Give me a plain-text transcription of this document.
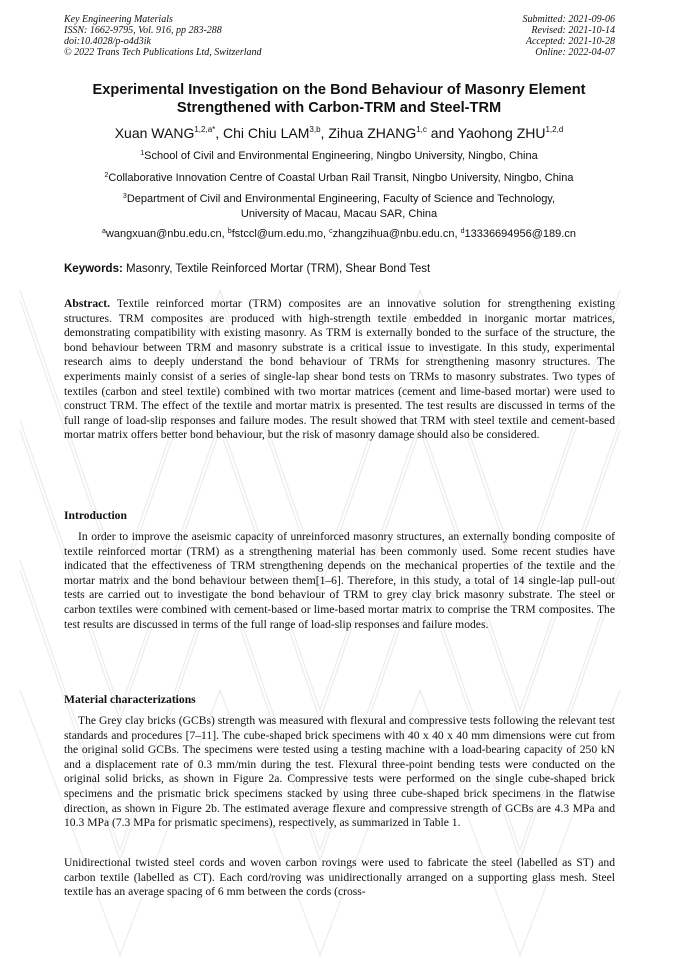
Key Engineering Materials
ISSN: 1662-9795, Vol. 916, pp 283-288
doi:10.4028/p-o4d3ik
© 2022 Trans Tech Publications Ltd, Switzerland
Submitted: 2021-09-06
Revised: 2021-10-14
Accepted: 2021-10-28
Online: 2022-04-07
Experimental Investigation on the Bond Behaviour of Masonry Element
Strengthened with Carbon-TRM and Steel-TRM
Xuan $WANG^{1,2,a*}$, Chi Chiu LAM$^{3,b}$, Zihua ZHANG$^{1,c}$ and Yaohong ZHU$^{1,2,d}$
$^1$School of Civil and Environmental Engineering, Ningbo University, Ningbo, China
$^2$Collaborative Innovation Centre of Coastal Urban Rail Transit, Ningbo University, Ningbo, China
$^3$Department of Civil and Environmental Engineering, Faculty of Science and Technology,
University of Macau, Macau SAR, China
$^a$wangxuan@nbu.edu.cn, $^b$fstccl@um.edu.mo, $^c$zhangzihua@nbu.edu.cn, $^d$13336694956@189.cn
Keywords: Masonry, Textile Reinforced Mortar (TRM), Shear Bond Test

Abstract. Textile reinforced mortar (TRM) composites are an innovative solution for strengthening existing structures. TRM composites are produced with high-strength textile embedded in inorganic mortar matrices, demonstrating compatibility with existing masonry. As TRM is externally bonded to the surface of the structure, the bond behaviour between TRM and masonry substrate is a critical issue to investigate. In this study, experimental research aims to deeply understand the bond behaviour of TRMs for strengthening masonry structures. The experiments mainly consist of a series of single-lap shear bond tests on TRMs to masonry substrates. Two types of textiles (carbon and steel textile) combined with two mortar matrices (cement and lime-based mortar) were used to construct TRM. The effect of the textile and mortar matrix is presented. The test results are discussed in terms of the full range of load-slip responses and failure modes. The result showed that TRM with steel textile and cement-based mortar matrix offers better bond behaviour, but the risk of masonry damage should also be considered.

Introduction

In order to improve the aseismic capacity of unreinforced masonry structures, an externally bonding composite of textile reinforced mortar (TRM) as a strengthening material has been commonly used. Some recent studies have indicated that the effectiveness of TRM strengthening depends on the mechanical properties of the textile and the mortar matrix and the bond behaviour between them[1–6]. Therefore, in this study, a total of 14 single-lap pull-out tests are carried out to investigate the bond behaviour of TRM to grey clay brick masonry substrate. The steel or carbon textiles were combined with cement-based or lime-based mortar matrix to comprise the TRM composites. The test results are discussed in terms of the full range of load-slip responses and failure modes.

Material characterizations

The Grey clay bricks (GCBs) strength was measured with flexural and compressive tests following the relevant test standards and procedures [7–11]. The cube-shaped brick specimens with 40 x 40 x 40 mm dimensions were cut from the original solid GCBs. The specimens were tested using a testing machine with a load-bearing capacity of 250 kN and a displacement rate of 0.3 mm/min during the test. Flexural three-point bending tests were conducted on the original solid bricks, as shown in Figure 2a. Compressive tests were performed on the single cube-shaped brick specimens and the prismatic brick specimens stacked by using three cube-shaped brick specimens in the flatwise direction, as shown in Figure 2b. The estimated average flexure and compressive strength of GCBs are 4.3 MPa and 10.3 MPa (7.3 MPa for prismatic specimens), respectively, as summarized in Table 1.

Unidirectional twisted steel cords and woven carbon rovings were used to fabricate the steel (labelled as ST) and carbon textile (labelled as CT). Each cord/roving was unidirectionally arranged on a supporting glass mesh. Steel textile has an average spacing of 6 mm between the cords (cross-
